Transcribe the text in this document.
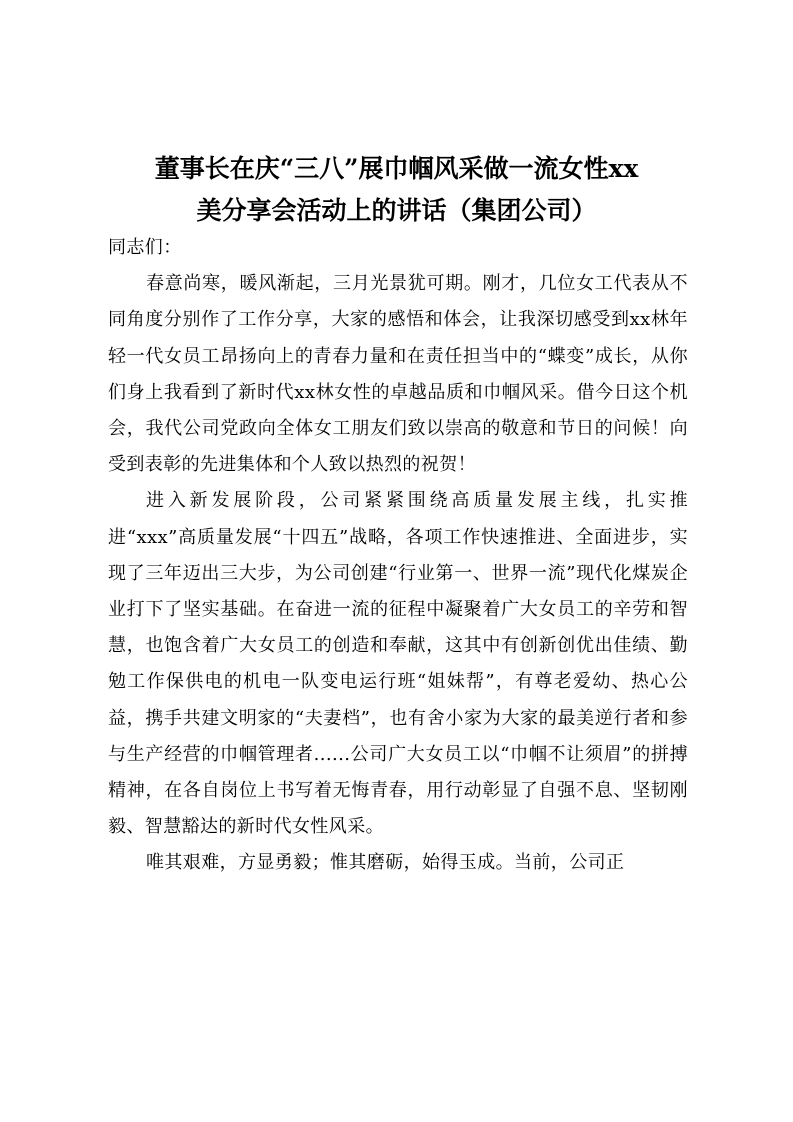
董事长在庆“三八”展巾帼风采做一流女性xx
美分享会活动上的讲话（集团公司）

同志们：

春意尚寒，暖风渐起，三月光景犹可期。刚才，几位女工代表从不同角度分别作了工作分享，大家的感悟和体会，让我深切感受到xx林年轻一代女员工昂扬向上的青春力量和在责任担当中的“蝶变”成长，从你们身上我看到了新时代xx林女性的卓越品质和巾帼风采。借今日这个机会，我代公司党政向全体女工朋友们致以崇高的敬意和节日的问候！向受到表彰的先进集体和个人致以热烈的祝贺！

进入新发展阶段，公司紧紧围绕高质量发展主线，扎实推进“xxx”高质量发展“十四五”战略，各项工作快速推进、全面进步，实现了三年迈出三大步，为公司创建“行业第一、世界一流”现代化煤炭企业打下了坚实基础。在奋进一流的征程中凝聚着广大女员工的辛劳和智慧，也饱含着广大女员工的创造和奉献，这其中有创新创优出佳绩、勤勉工作保供电的机电一队变电运行班“姐妹帮”，有尊老爱幼、热心公益，携手共建文明家的“夫妻档”，也有舍小家为大家的最美逆行者和参与生产经营的巾帼管理者......公司广大女员工以“巾帼不让须眉”的拼搏精神，在各自岗位上书写着无悔青春，用行动彰显了自强不息、坚韧刚毅、智慧豁达的新时代女性风采。

唯其艰难，方显勇毅；惟其磨砺，始得玉成。当前，公司正
